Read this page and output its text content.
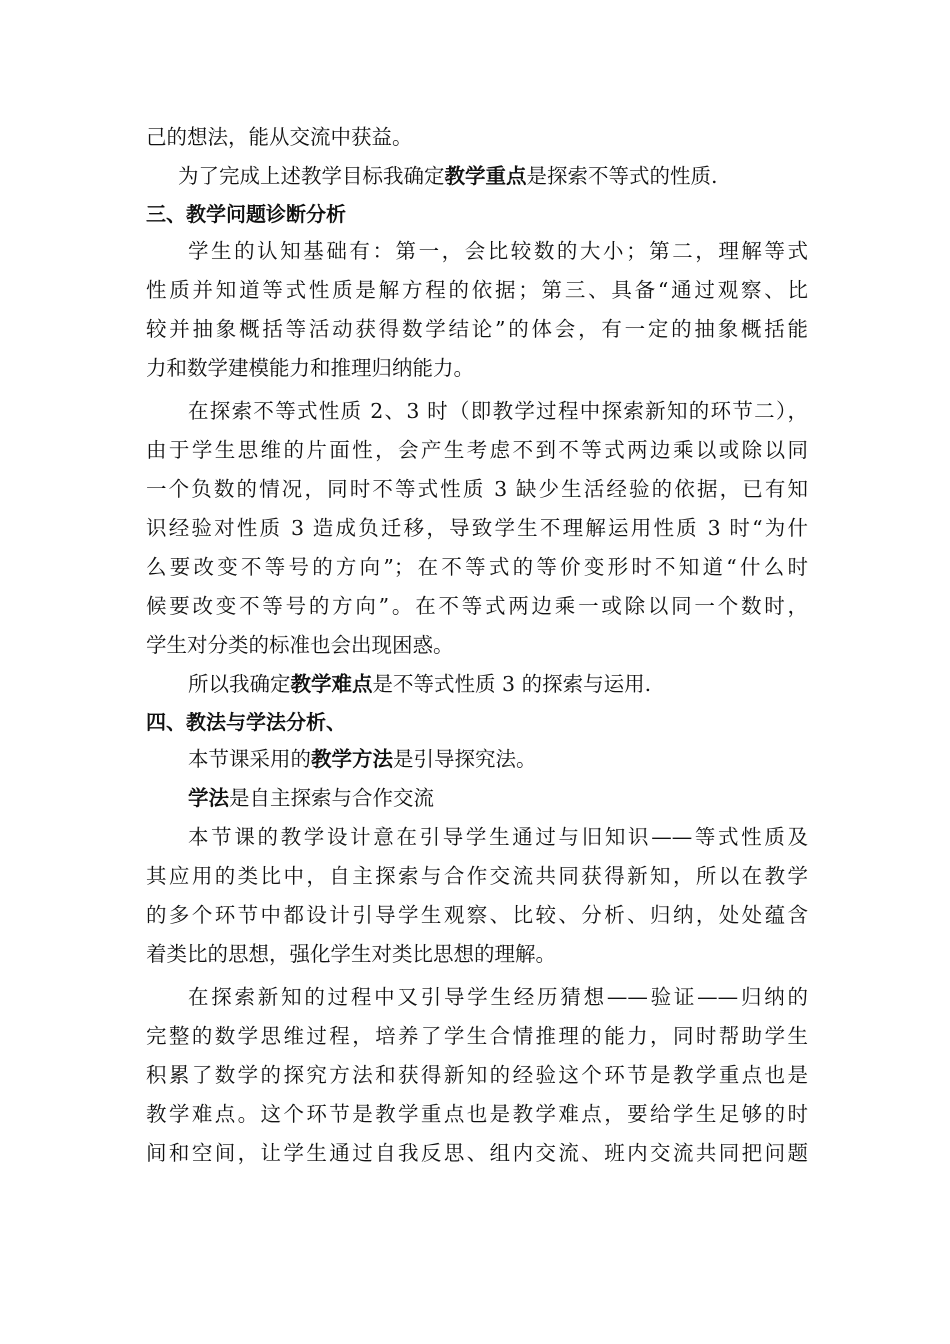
己的想法，能从交流中获益。
为了完成上述教学目标我确定教学重点是探索不等式的性质.
三、教学问题诊断分析
学生的认知基础有：第一，会比较数的大小；第二，理解等式
性质并知道等式性质是解方程的依据；第三、具备“通过观察、比
较并抽象概括等活动获得数学结论”的体会，有一定的抽象概括能
力和数学建模能力和推理归纳能力。
在探索不等式性质 2、3 时（即教学过程中探索新知的环节二），
由于学生思维的片面性，会产生考虑不到不等式两边乘以或除以同
一个负数的情况，同时不等式性质 3 缺少生活经验的依据，已有知
识经验对性质 3 造成负迁移，导致学生不理解运用性质 3 时“为什
么要改变不等号的方向”；在不等式的等价变形时不知道“什么时
候要改变不等号的方向”。在不等式两边乘一或除以同一个数时，
学生对分类的标准也会出现困惑。
所以我确定教学难点是不等式性质 3 的探索与运用.
四、教法与学法分析、
本节课采用的教学方法是引导探究法。
学法是自主探索与合作交流
本节课的教学设计意在引导学生通过与旧知识——等式性质及
其应用的类比中，自主探索与合作交流共同获得新知，所以在教学
的多个环节中都设计引导学生观察、比较、分析、归纳，处处蕴含
着类比的思想，强化学生对类比思想的理解。
在探索新知的过程中又引导学生经历猜想——验证——归纳的
完整的数学思维过程，培养了学生合情推理的能力，同时帮助学生
积累了数学的探究方法和获得新知的经验这个环节是教学重点也是
教学难点。这个环节是教学重点也是教学难点，要给学生足够的时
间和空间，让学生通过自我反思、组内交流、班内交流共同把问题
